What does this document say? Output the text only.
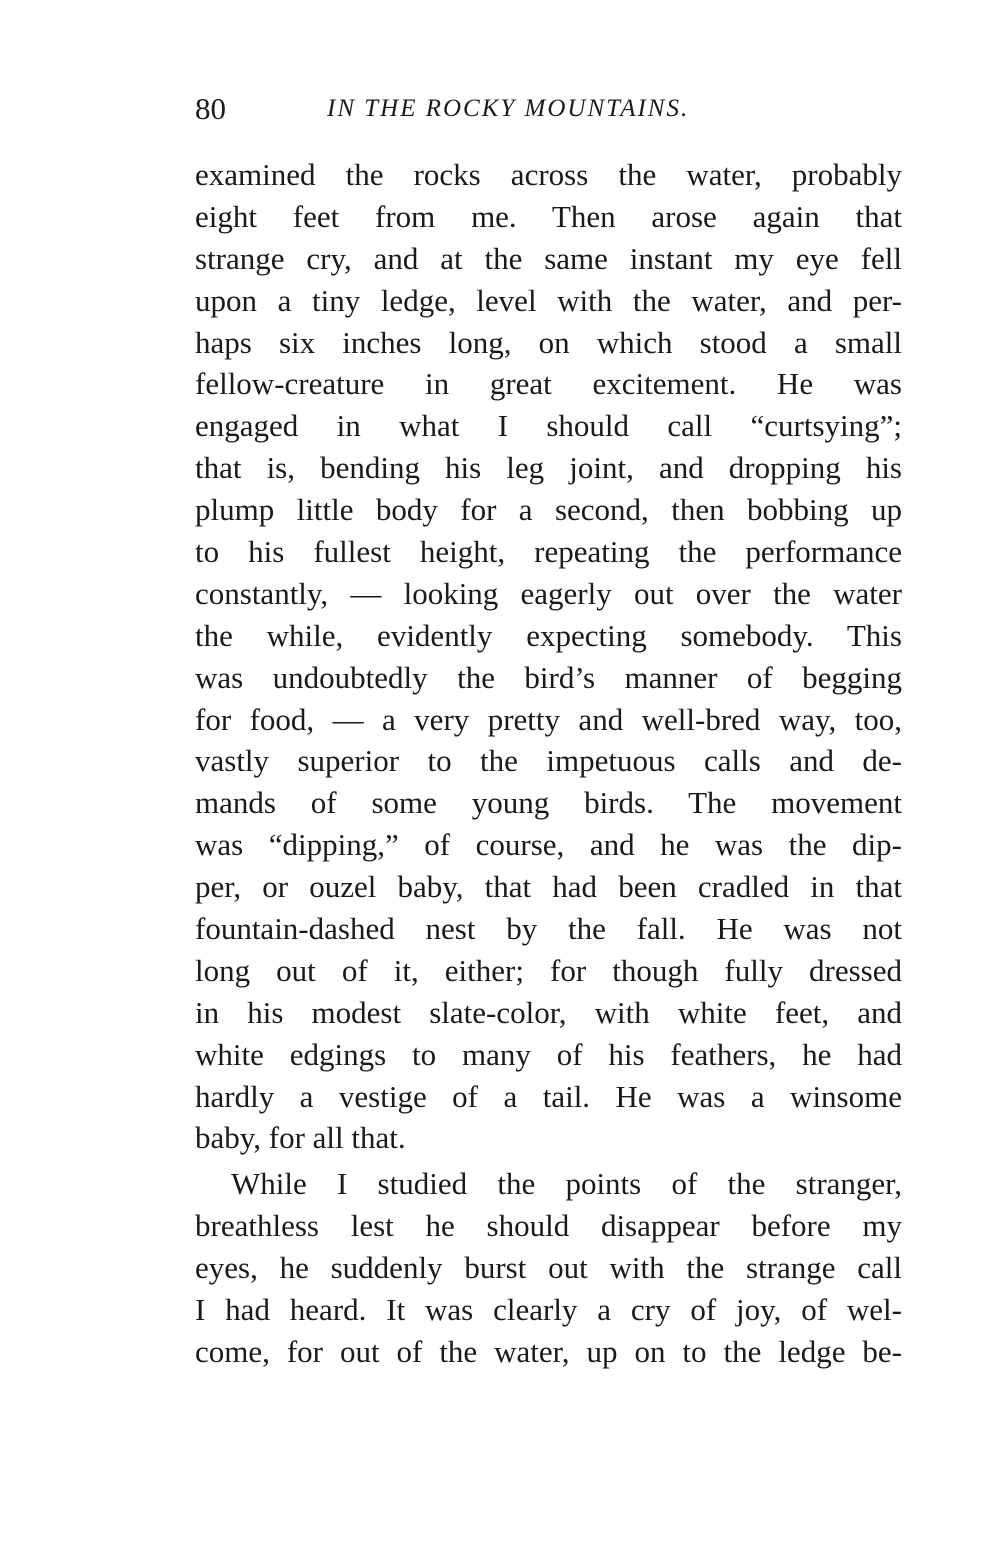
80	IN THE ROCKY MOUNTAINS.
examined the rocks across the water, probably
eight feet from me. Then arose again that
strange cry, and at the same instant my eye fell
upon a tiny ledge, level with the water, and per-
haps six inches long, on which stood a small
fellow-creature in great excitement. He was
engaged in what I should call “curtsying”;
that is, bending his leg joint, and dropping his
plump little body for a second, then bobbing up
to his fullest height, repeating the performance
constantly, — looking eagerly out over the water
the while, evidently expecting somebody. This
was undoubtedly the bird’s manner of begging
for food, — a very pretty and well-bred way, too,
vastly superior to the impetuous calls and de-
mands of some young birds. The movement
was “dipping,” of course, and he was the dip-
per, or ouzel baby, that had been cradled in that
fountain-dashed nest by the fall. He was not
long out of it, either; for though fully dressed
in his modest slate-color, with white feet, and
white edgings to many of his feathers, he had
hardly a vestige of a tail. He was a winsome
baby, for all that.
While I studied the points of the stranger,
breathless lest he should disappear before my
eyes, he suddenly burst out with the strange call
I had heard. It was clearly a cry of joy, of wel-
come, for out of the water, up on to the ledge be-
